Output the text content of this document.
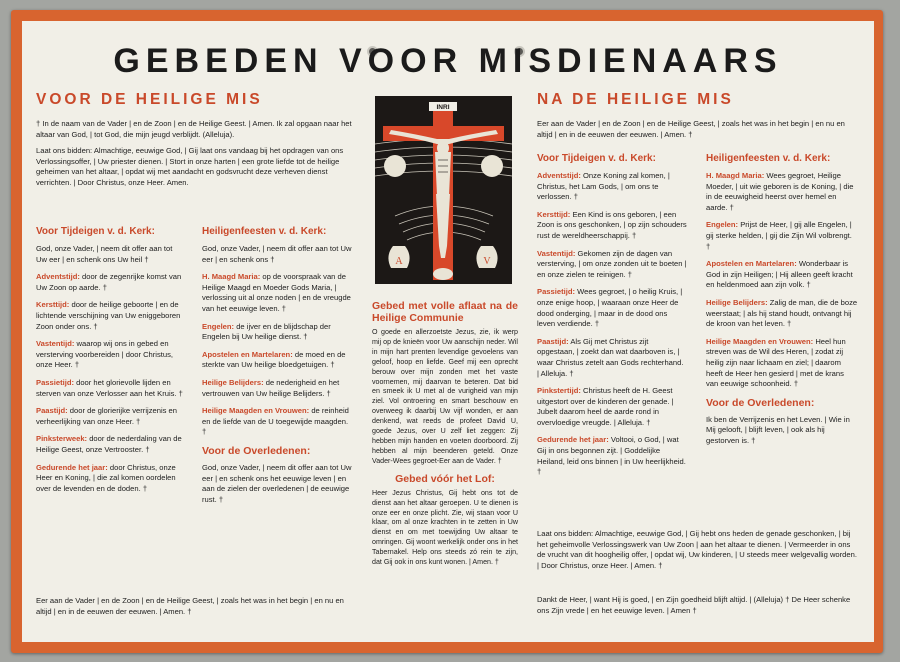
GEBEDEN VOOR MISDIENAARS
VOOR DE HEILIGE MIS

† In de naam van de Vader | en de Zoon | en de Heilige Geest. | Amen. Ik zal opgaan naar het altaar van God, | tot God, die mijn jeugd verblijdt. (Alleluja).

Laat ons bidden: Almachtige, eeuwige God, | Gij laat ons vandaag bij het opdragen van ons Verlossingsoffer, | Uw priester dienen. | Stort in onze harten | een grote liefde tot de heilige geheimen van het altaar, | opdat wij met aandacht en godsvrucht deze verheven dienst verrichten. | Door Christus, onze Heer. Amen.

Voor Tijdeigen v. d. Kerk:
God, onze Vader, | neem dit offer aan tot Uw eer | en schenk ons Uw heil †
Adventstijd: door de zegenrijke komst van Uw Zoon op aarde. †
Kersttijd: door de heilige geboorte | en de lichtende verschijning van Uw eniggeboren Zoon onder ons. †
Vastentijd: waarop wij ons in gebed en versterving voorbereiden | door Christus, onze Heer. †
Passietijd: door het glorievolle lijden en sterven van onze Verlosser aan het Kruis. †
Paastijd: door de glorierijke verrijzenis en verheerlijking van onze Heer. †
Pinksterweek: door de nederdaling van de Heilige Geest, onze Vertrooster. †
Gedurende het jaar: door Christus, onze Heer en Koning, | die zal komen oordelen over de levenden en de doden. †
Heiligenfeesten v. d. Kerk:
God, onze Vader, | neem dit offer aan tot Uw eer | en schenk ons †
H. Maagd Maria: op de voorspraak van de Heilige Maagd en Moeder Gods Maria, | verlossing uit al onze noden | en de vreugde van het eeuwige leven. †
Engelen: de ijver en de blijdschap der Engelen bij Uw heilige dienst. †
Apostelen en Martelaren: de moed en de sterkte van Uw heilige bloedgetuigen. †
Heilige Belijders: de nederigheid en het vertrouwen van Uw heilige Belijders. †
Heilige Maagden en Vrouwen: de reinheid en de liefde van de U toegewijde maagden. †
Voor de Overledenen:
God, onze Vader, | neem dit offer aan tot Uw eer | en schenk ons het eeuwige leven | en aan de zielen der overledenen | de eeuwige rust. †
Eer aan de Vader | en de Zoon | en de Heilige Geest, | zoals het was in het begin | en nu en altijd | en in de eeuwen der eeuwen. | Amen. †
INRI
A	V
Gebed met volle aflaat na de Heilige Communie

O goede en allerzoetste Jezus, zie, ik werp mij op de knieën voor Uw aanschijn neder. Wil in mijn hart prenten levendige gevoelens van geloof, hoop en liefde. Geef mij een oprecht berouw over mijn zonden met het vaste voornemen, mij daarvan te beteren. Dat bid en smeek ik U met al de vurigheid van mijn ziel. Vol ontroering en smart beschouw en overweeg ik daarbij Uw vijf wonden, er aan denkend, wat reeds de profeet David U, goede Jezus, over U zelf liet zeggen: Zij hebben mijn handen en voeten doorboord. Zij hebben al mijn beenderen geteld. Onze Vader-Wees gegroet-Eer aan de Vader. †

Gebed vóór het Lof:

Heer Jezus Christus, Gij hebt ons tot de dienst aan het altaar geroepen. U te dienen is onze eer en onze plicht. Zie, wij staan voor U klaar, om al onze krachten in te zetten in Uw dienst en om met toewijding Uw altaar te omringen. Gij woont werkelijk onder ons in het Tabernakel. Help ons steeds zó rein te zijn, dat Gij ook in ons kunt wonen. | Amen. †

NA DE HEILIGE MIS
Eer aan de Vader | en de Zoon | en de Heilige Geest, | zoals het was in het begin | en nu en altijd | en in de eeuwen der eeuwen. | Amen. †
Voor Tijdeigen v. d. Kerk:
Adventstijd: Onze Koning zal komen, | Christus, het Lam Gods, | om ons te verlossen. †
Kersttijd: Een Kind is ons geboren, | een Zoon is ons geschonken, | op zijn schouders rust de wereldheerschappij. †
Vastentijd: Gekomen zijn de dagen van versterving, | om onze zonden uit te boeten | en onze zielen te reinigen. †
Passietijd: Wees gegroet, | o heilig Kruis, | onze enige hoop, | waaraan onze Heer de dood onderging, | maar in de dood ons leven verdiende. †
Paastijd: Als Gij met Christus zijt opgestaan, | zoekt dan wat daarboven is, | waar Christus zetelt aan Gods rechterhand. | Alleluja. †
Pinkstertijd: Christus heeft de H. Geest uitgestort over de kinderen der genade. | Jubelt daarom heel de aarde rond in overvloedige vreugde. | Alleluja. †
Gedurende het jaar: Voltooi, o God, | wat Gij in ons begonnen zijt. | Goddelijke Heiland, leid ons binnen | in Uw heerlijkheid. †
Heiligenfeesten v. d. Kerk:
H. Maagd Maria: Wees gegroet, Heilige Moeder, | uit wie geboren is de Koning, | die in de eeuwigheid heerst over hemel en aarde. †
Engelen: Prijst de Heer, | gij alle Engelen, | gij sterke helden, | gij die Zijn Wil volbrengt. †
Apostelen en Martelaren: Wonderbaar is God in zijn Heiligen; | Hij alleen geeft kracht en heldenmoed aan zijn volk. †
Heilige Belijders: Zalig de man, die de boze weerstaat; | als hij stand houdt, ontvangt hij de kroon van het leven. †
Heilige Maagden en Vrouwen: Heel hun streven was de Wil des Heren, | zodat zij heilig zijn naar lichaam en ziel; | daarom heeft de Heer hen gesierd | met de krans van eeuwige schoonheid. †
Voor de Overledenen:
Ik ben de Verrijzenis en het Leven. | Wie in Mij gelooft, | blijft leven, | ook als hij gestorven is. †
Laat ons bidden: Almachtige, eeuwige God, | Gij hebt ons heden de genade geschonken, | bij het geheimvolle Verlossingswerk van Uw Zoon | aan het altaar te dienen. | Vermeerder in ons de vrucht van dit hoogheilig offer, | opdat wij, Uw kinderen, | U steeds meer welgevallig worden. | Door Christus, onze Heer. | Amen. †
Dankt de Heer, | want Hij is goed, | en Zijn goedheid blijft altijd. | (Alleluja) † De Heer schenke ons Zijn vrede | en het eeuwige leven. | Amen †
